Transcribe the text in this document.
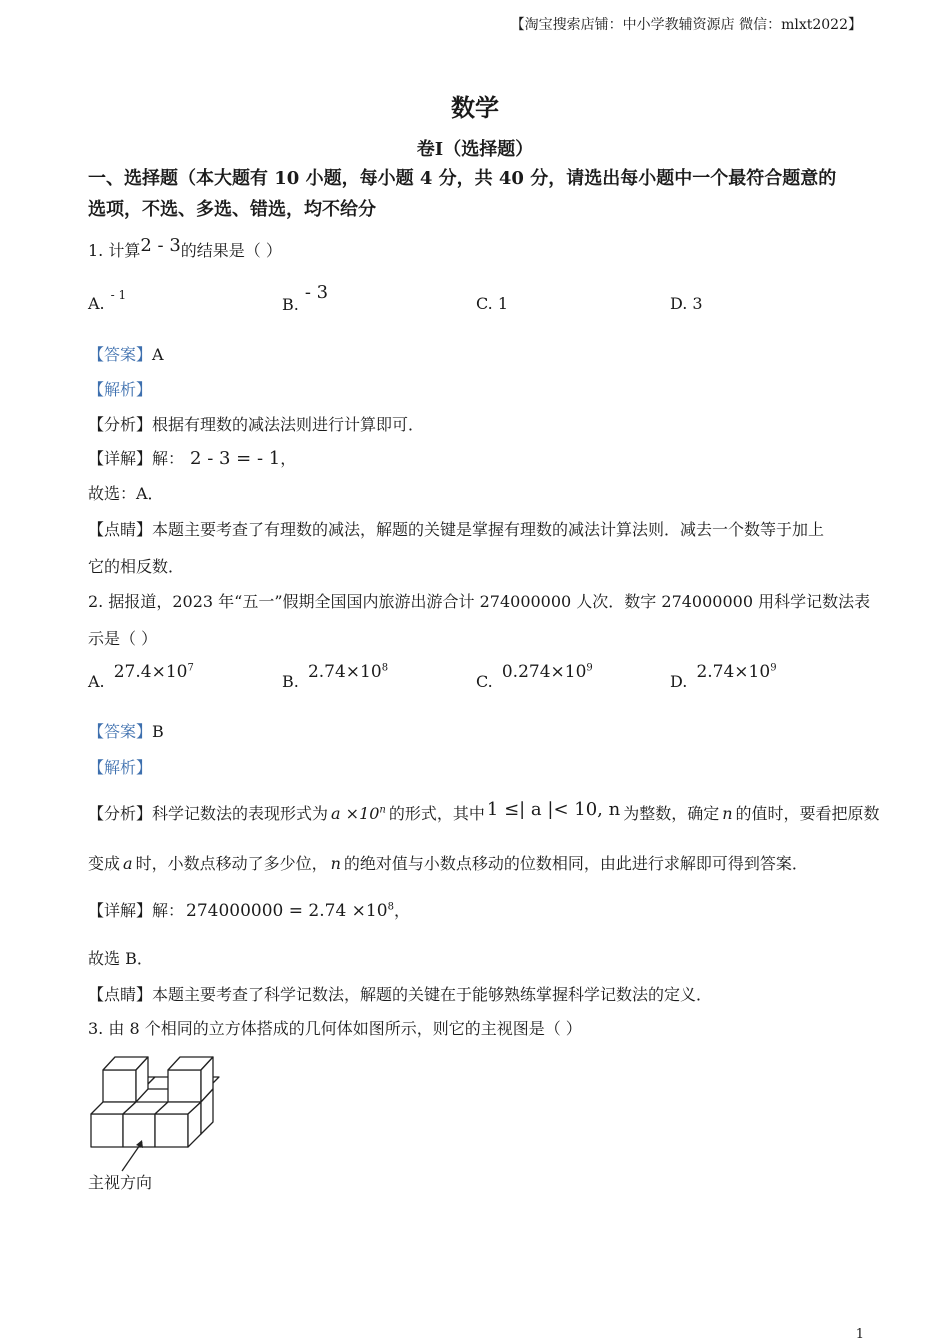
【淘宝搜索店铺：中小学教辅资源店 微信：mlxt2022】
数学
卷Ⅰ（选择题）
一、选择题（本大题有 10 小题，每小题 4 分，共 40 分，请选出每小题中一个最符合题意的
选项，不选、多选、错选，均不给分
1. 计算2 - 3的结果是（ ）
A. $^{- 1}$	B.- 3
C. 1	D. 3
【答案】A
【解析】
【分析】根据有理数的减法法则进行计算即可．
【详解】解： 2 - 3 = - 1，
故选：A．
【点睛】本题主要考查了有理数的减法，解题的关键是掌握有理数的减法计算法则．减去一个数等于加上
它的相反数．
2. 据报道，2023 年“五一”假期全国国内旅游出游合计 274000000 人次．数字 274000000 用科学记数法表
示是（ ）
A. $27.4\times 10^7$
B. $2.74\times 10^8$
C. $0.274\times 10^9$
D. $2.74\times 10^9$
【答案】B
【解析】
【分析】科学记数法的表现形式为 $a \times 10^n$ 的形式，其中 1 ≤| a |< 10, n 为整数，确定 n 的值时，要看把原数
变成 a 时，小数点移动了多少位， n 的绝对值与小数点移动的位数相同，由此进行求解即可得到答案．
【详解】解： $274000000 = 2.74 \times 10^8$，
故选 B．
【点睛】本题主要考查了科学记数法，解题的关键在于能够熟练掌握科学记数法的定义．
3. 由 8 个相同的立方体搭成的几何体如图所示，则它的主视图是（ ）
主视方向
1
